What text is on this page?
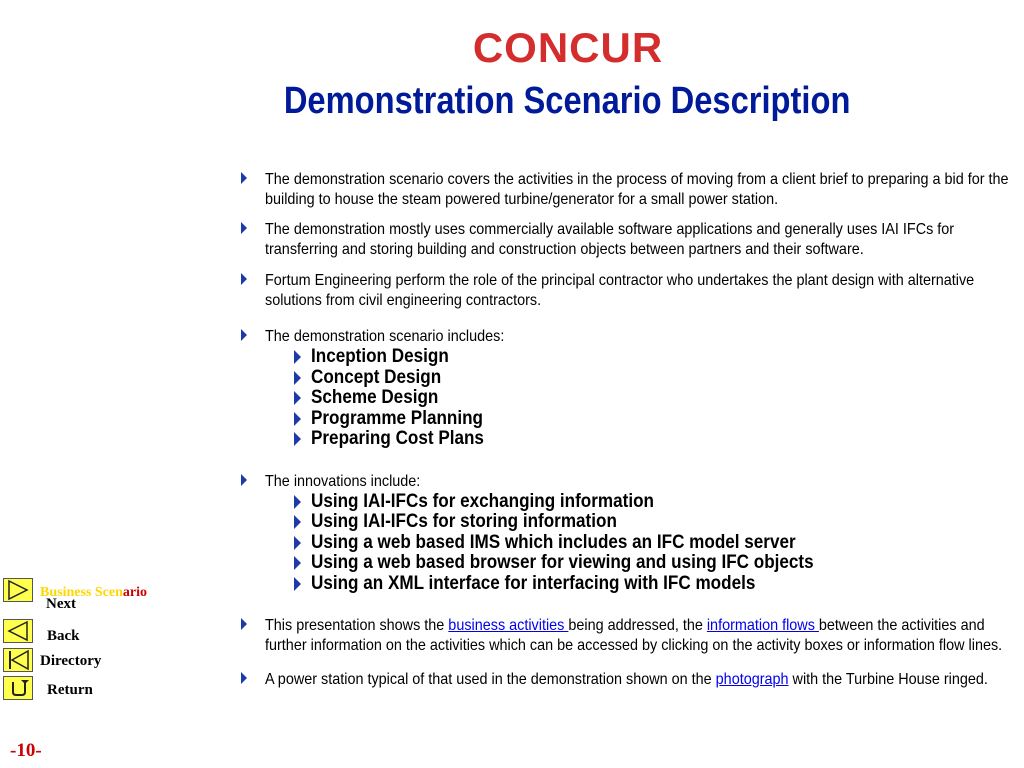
CONCUR
Demonstration Scenario Description
The demonstration scenario covers the activities in the process of moving from a client brief to preparing a bid for the building to house the steam powered turbine/generator for a small power station.
The demonstration mostly uses commercially available software applications and generally uses IAI IFCs for transferring and storing building and construction objects between partners and their software.
Fortum Engineering perform the role of the principal contractor who undertakes the plant design with alternative solutions from civil engineering contractors.
The demonstration scenario includes:
Inception Design
Concept Design
Scheme Design
Programme Planning
Preparing Cost Plans
The innovations include:
Using IAI-IFCs for exchanging information
Using IAI-IFCs for storing information
Using a web based IMS which includes an IFC model server
Using a web based browser for viewing and using IFC objects
Using an XML interface for interfacing with IFC models
This presentation shows the business activities being addressed, the information flows between the activities and further information on the activities which can be accessed by clicking on the activity boxes or information flow lines.
A power station typical of that used in the demonstration shown on the photograph with the Turbine House ringed.
Business Scenario
Next
Back
Directory
Return
-10-
